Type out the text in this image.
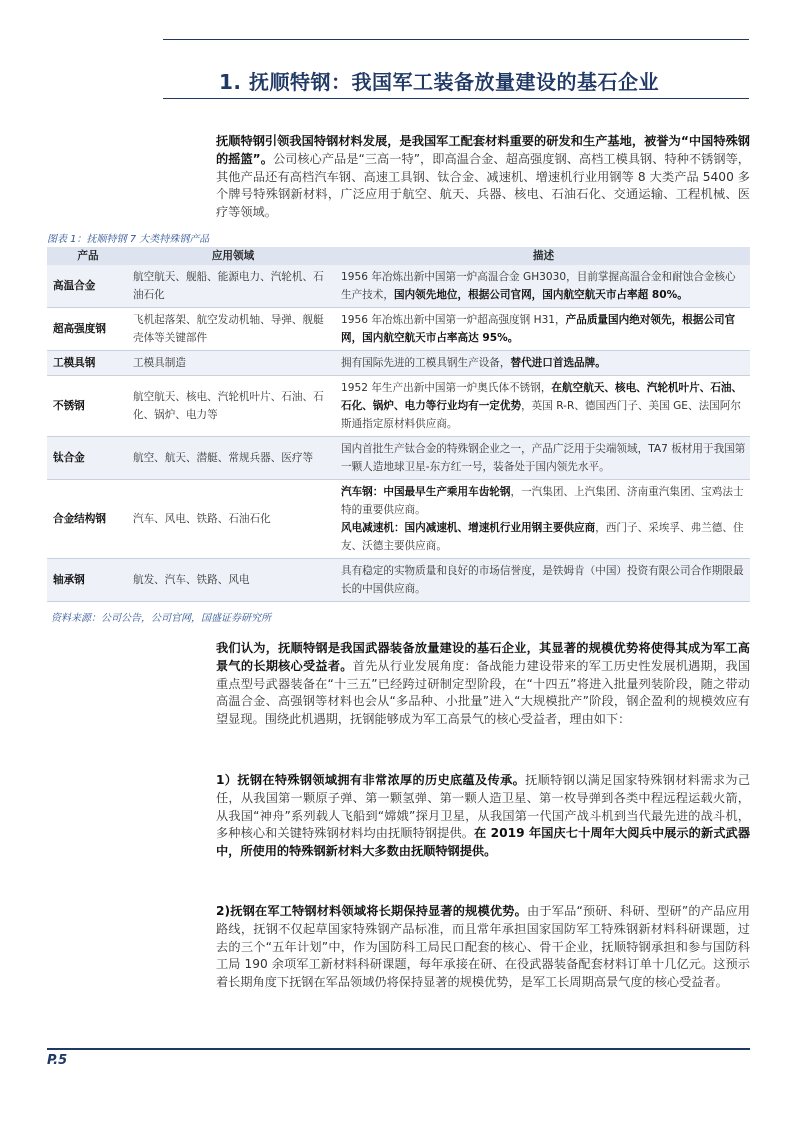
1. 抚顺特钢：我国军工装备放量建设的基石企业

抚顺特钢引领我国特钢材料发展，是我国军工配套材料重要的研发和生产基地，被誉为“中国特殊钢的摇篮”。公司核心产品是“三高一特”，即高温合金、超高强度钢、高档工模具钢、特种不锈钢等，其他产品还有高档汽车钢、高速工具钢、钛合金、减速机、增速机行业用钢等 8 大类产品 5400 多个牌号特殊钢新材料，广泛应用于航空、航天、兵器、核电、石油石化、交通运输、工程机械、医疗等领域。

图表 1：抚顺特钢 7 大类特殊钢产品
产品	应用领域	描述
高温合金	航空航天、舰船、能源电力、汽轮机、石油石化	1956 年冶炼出新中国第一炉高温合金 GH3030，目前掌握高温合金和耐蚀合金核心生产技术，国内领先地位，根据公司官网，国内航空航天市占率超 80%。
超高强度钢	飞机起落架、航空发动机轴、导弹、舰艇壳体等关键部件	1956 年冶炼出新中国第一炉超高强度钢 H31，产品质量国内绝对领先，根据公司官网，国内航空航天市占率高达 95%。
工模具钢	工模具制造	拥有国际先进的工模具钢生产设备，替代进口首选品牌。
不锈钢	航空航天、核电、汽轮机叶片、石油、石化、锅炉、电力等	1952 年生产出新中国第一炉奥氏体不锈钢，在航空航天、核电、汽轮机叶片、石油、石化、锅炉、电力等行业均有一定优势，英国 R-R、德国西门子、美国 GE、法国阿尔斯通指定原材料供应商。
钛合金	航空、航天、潜艇、常规兵器、医疗等	国内首批生产钛合金的特殊钢企业之一，产品广泛用于尖端领域，TA7 板材用于我国第一颗人造地球卫星-东方红一号，装备处于国内领先水平。
合金结构钢	汽车、风电、铁路、石油石化	汽车钢：中国最早生产乘用车齿轮钢，一汽集团、上汽集团、济南重汽集团、宝鸡法士特的重要供应商。
风电减速机：国内减速机、增速机行业用钢主要供应商，西门子、采埃孚、弗兰德、住友、沃德主要供应商。
轴承钢	航发、汽车、铁路、风电	具有稳定的实物质量和良好的市场信誉度，是铁姆肯（中国）投资有限公司合作期限最长的中国供应商。
资料来源：公司公告，公司官网，国盛证券研究所

我们认为，抚顺特钢是我国武器装备放量建设的基石企业，其显著的规模优势将使得其成为军工高景气的长期核心受益者。首先从行业发展角度：备战能力建设带来的军工历史性发展机遇期，我国重点型号武器装备在“十三五”已经跨过研制定型阶段，在“十四五”将进入批量列装阶段，随之带动高温合金、高强钢等材料也会从“多品种、小批量”进入“大规模批产”阶段，钢企盈利的规模效应有望显现。围绕此机遇期，抚钢能够成为军工高景气的核心受益者，理由如下：

1）抚钢在特殊钢领域拥有非常浓厚的历史底蕴及传承。抚顺特钢以满足国家特殊钢材料需求为己任，从我国第一颗原子弹、第一颗氢弹、第一颗人造卫星、第一枚导弹到各类中程远程运载火箭，从我国“神舟”系列载人飞船到“嫦娥”探月卫星，从我国第一代国产战斗机到当代最先进的战斗机，多种核心和关键特殊钢材料均由抚顺特钢提供。在 2019 年国庆七十周年大阅兵中展示的新式武器中，所使用的特殊钢新材料大多数由抚顺特钢提供。

2)抚钢在军工特钢材料领域将长期保持显著的规模优势。由于军品“预研、科研、型研”的产品应用路线，抚钢不仅起草国家特殊钢产品标准，而且常年承担国家国防军工特殊钢新材料科研课题，过去的三个“五年计划”中，作为国防科工局民口配套的核心、骨干企业，抚顺特钢承担和参与国防科工局 190 余项军工新材料科研课题，每年承接在研、在役武器装备配套材料订单十几亿元。这预示着长期角度下抚钢在军品领域仍将保持显著的规模优势，是军工长周期高景气度的核心受益者。

P.5
